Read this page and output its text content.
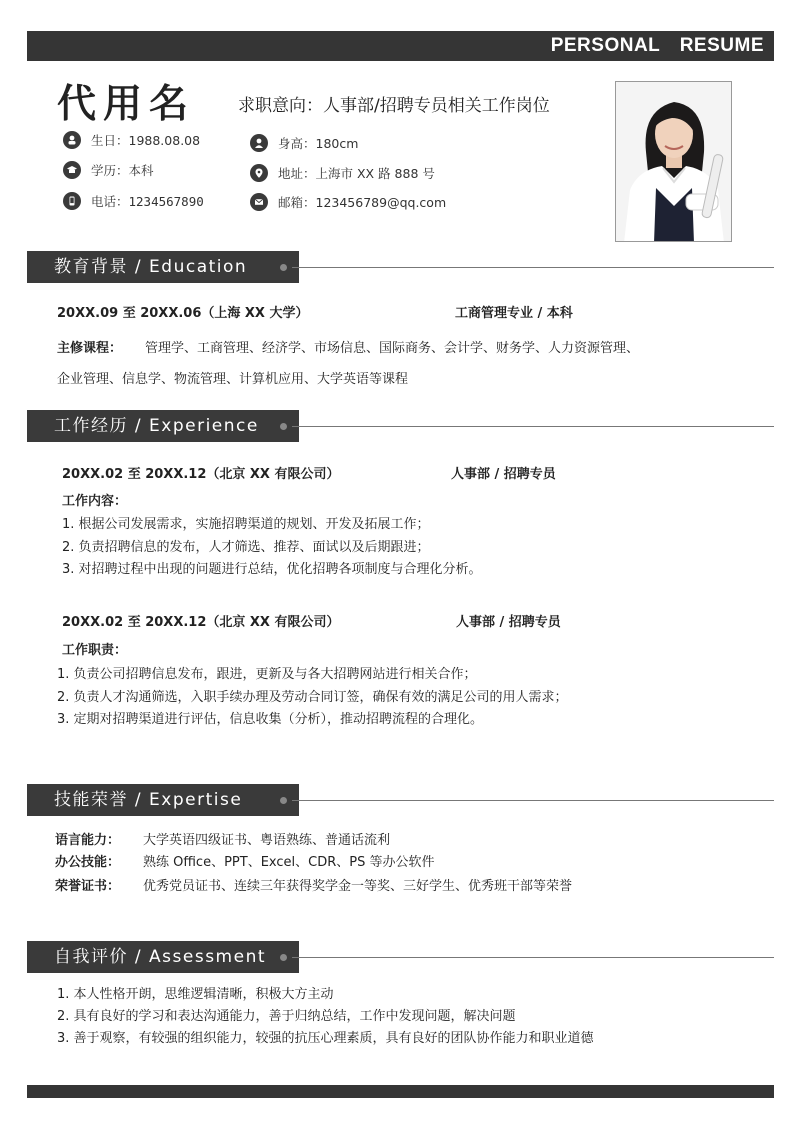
PERSONAL RESUME
代用名	求职意向：人事部/招聘专员相关工作岗位
生日：1988.08.08
学历：本科
电话：1234567890
身高：180cm
地址：上海市 XX 路 888 号
邮箱：123456789@qq.com
教育背景 / Education
20XX.09 至 20XX.06（上海 XX 大学）	工商管理专业 / 本科
主修课程： 管理学、工商管理、经济学、市场信息、国际商务、会计学、财务学、人力资源管理、
企业管理、信息学、物流管理、计算机应用、大学英语等课程
工作经历 / Experience
20XX.02 至 20XX.12（北京 XX 有限公司）	人事部 / 招聘专员
工作内容：
1. 根据公司发展需求，实施招聘渠道的规划、开发及拓展工作；
2. 负责招聘信息的发布，人才筛选、推荐、面试以及后期跟进；
3. 对招聘过程中出现的问题进行总结，优化招聘各项制度与合理化分析。
20XX.02 至 20XX.12（北京 XX 有限公司）	人事部 / 招聘专员
工作职责：
1. 负责公司招聘信息发布，跟进，更新及与各大招聘网站进行相关合作；
2. 负责人才沟通筛选，入职手续办理及劳动合同订签，确保有效的满足公司的用人需求；
3. 定期对招聘渠道进行评估，信息收集（分析），推动招聘流程的合理化。
技能荣誉 / Expertise
语言能力： 大学英语四级证书、粤语熟练、普通话流利
办公技能： 熟练 Office、PPT、Excel、CDR、PS 等办公软件
荣誉证书： 优秀党员证书、连续三年获得奖学金一等奖、三好学生、优秀班干部等荣誉
自我评价 / Assessment
1. 本人性格开朗，思维逻辑清晰，积极大方主动
2. 具有良好的学习和表达沟通能力，善于归纳总结，工作中发现问题，解决问题
3. 善于观察，有较强的组织能力，较强的抗压心理素质，具有良好的团队协作能力和职业道德
